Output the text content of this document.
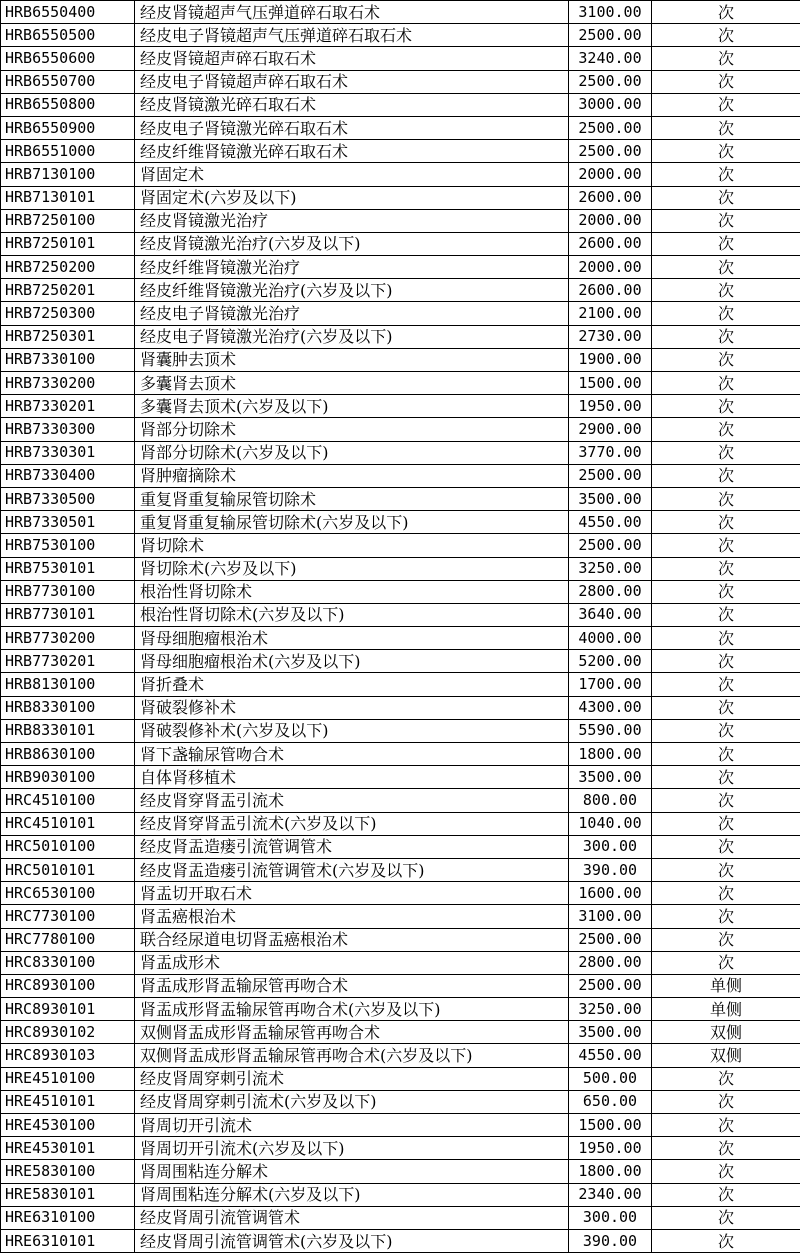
HRB6550400	经皮肾镜超声气压弹道碎石取石术	3100.00	次
HRB6550500	经皮电子肾镜超声气压弹道碎石取石术	2500.00	次
HRB6550600	经皮肾镜超声碎石取石术	3240.00	次
HRB6550700	经皮电子肾镜超声碎石取石术	2500.00	次
HRB6550800	经皮肾镜激光碎石取石术	3000.00	次
HRB6550900	经皮电子肾镜激光碎石取石术	2500.00	次
HRB6551000	经皮纤维肾镜激光碎石取石术	2500.00	次
HRB7130100	肾固定术	2000.00	次
HRB7130101	肾固定术(六岁及以下)	2600.00	次
HRB7250100	经皮肾镜激光治疗	2000.00	次
HRB7250101	经皮肾镜激光治疗(六岁及以下)	2600.00	次
HRB7250200	经皮纤维肾镜激光治疗	2000.00	次
HRB7250201	经皮纤维肾镜激光治疗(六岁及以下)	2600.00	次
HRB7250300	经皮电子肾镜激光治疗	2100.00	次
HRB7250301	经皮电子肾镜激光治疗(六岁及以下)	2730.00	次
HRB7330100	肾囊肿去顶术	1900.00	次
HRB7330200	多囊肾去顶术	1500.00	次
HRB7330201	多囊肾去顶术(六岁及以下)	1950.00	次
HRB7330300	肾部分切除术	2900.00	次
HRB7330301	肾部分切除术(六岁及以下)	3770.00	次
HRB7330400	肾肿瘤摘除术	2500.00	次
HRB7330500	重复肾重复输尿管切除术	3500.00	次
HRB7330501	重复肾重复输尿管切除术(六岁及以下)	4550.00	次
HRB7530100	肾切除术	2500.00	次
HRB7530101	肾切除术(六岁及以下)	3250.00	次
HRB7730100	根治性肾切除术	2800.00	次
HRB7730101	根治性肾切除术(六岁及以下)	3640.00	次
HRB7730200	肾母细胞瘤根治术	4000.00	次
HRB7730201	肾母细胞瘤根治术(六岁及以下)	5200.00	次
HRB8130100	肾折叠术	1700.00	次
HRB8330100	肾破裂修补术	4300.00	次
HRB8330101	肾破裂修补术(六岁及以下)	5590.00	次
HRB8630100	肾下盏输尿管吻合术	1800.00	次
HRB9030100	自体肾移植术	3500.00	次
HRC4510100	经皮肾穿肾盂引流术	800.00	次
HRC4510101	经皮肾穿肾盂引流术(六岁及以下)	1040.00	次
HRC5010100	经皮肾盂造瘘引流管调管术	300.00	次
HRC5010101	经皮肾盂造瘘引流管调管术(六岁及以下)	390.00	次
HRC6530100	肾盂切开取石术	1600.00	次
HRC7730100	肾盂癌根治术	3100.00	次
HRC7780100	联合经尿道电切肾盂癌根治术	2500.00	次
HRC8330100	肾盂成形术	2800.00	次
HRC8930100	肾盂成形肾盂输尿管再吻合术	2500.00	单侧
HRC8930101	肾盂成形肾盂输尿管再吻合术(六岁及以下)	3250.00	单侧
HRC8930102	双侧肾盂成形肾盂输尿管再吻合术	3500.00	双侧
HRC8930103	双侧肾盂成形肾盂输尿管再吻合术(六岁及以下)	4550.00	双侧
HRE4510100	经皮肾周穿刺引流术	500.00	次
HRE4510101	经皮肾周穿刺引流术(六岁及以下)	650.00	次
HRE4530100	肾周切开引流术	1500.00	次
HRE4530101	肾周切开引流术(六岁及以下)	1950.00	次
HRE5830100	肾周围粘连分解术	1800.00	次
HRE5830101	肾周围粘连分解术(六岁及以下)	2340.00	次
HRE6310100	经皮肾周引流管调管术	300.00	次
HRE6310101	经皮肾周引流管调管术(六岁及以下)	390.00	次
